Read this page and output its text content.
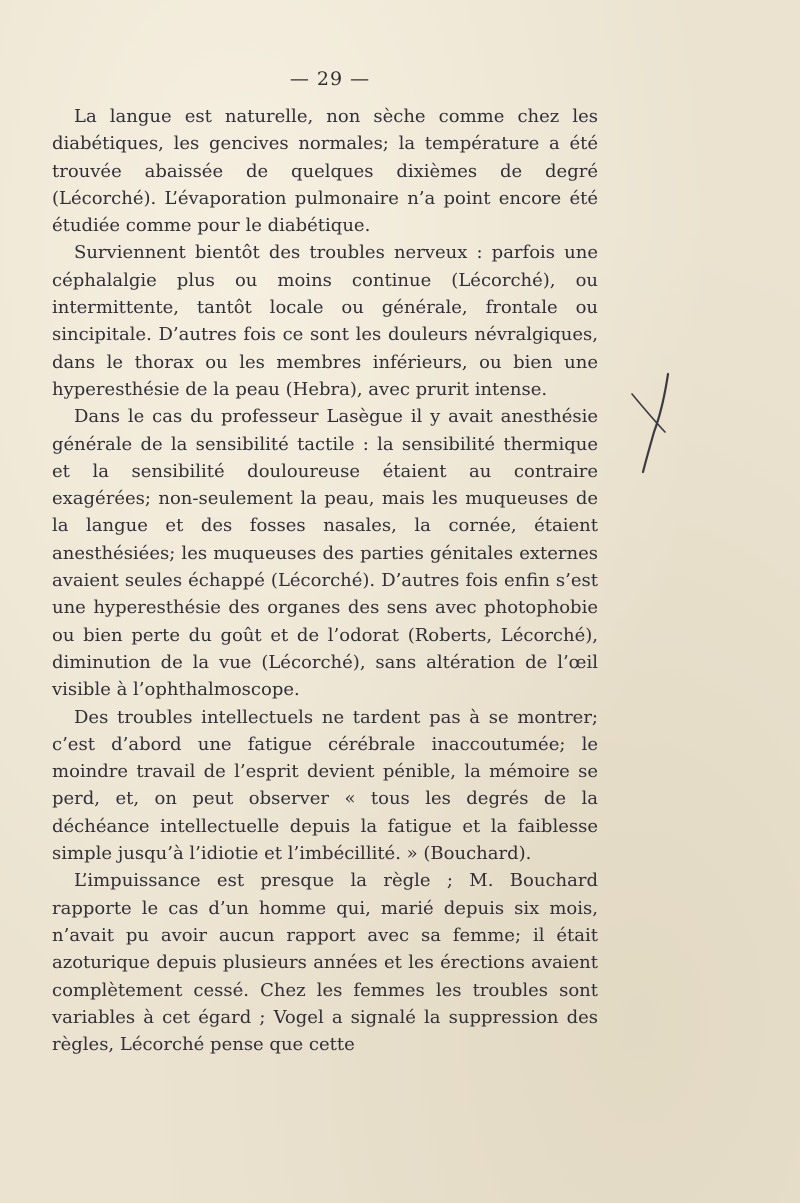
— 29 —

La langue est naturelle, non sèche comme chez les diabétiques, les gencives normales; la température a été trouvée abaissée de quelques dixièmes de degré (Lécorché). L’évaporation pulmonaire n’a point encore été étudiée comme pour le diabétique.

Surviennent bientôt des troubles nerveux : parfois une céphalalgie plus ou moins continue (Lécorché), ou intermittente, tantôt locale ou générale, frontale ou sincipitale. D’autres fois ce sont les douleurs névralgiques, dans le thorax ou les membres inférieurs, ou bien une hyperesthésie de la peau (Hebra), avec prurit intense.

Dans le cas du professeur Lasègue il y avait anesthésie générale de la sensibilité tactile : la sensibilité thermique et la sensibilité douloureuse étaient au contraire exagérées; non-seulement la peau, mais les muqueuses de la langue et des fosses nasales, la cornée, étaient anesthésiées; les muqueuses des parties génitales externes avaient seules échappé (Lécorché). D’autres fois enfin s’est une hyperesthésie des organes des sens avec photophobie ou bien perte du goût et de l’odorat (Roberts, Lécorché), diminution de la vue (Lécorché), sans altération de l’œil visible à l’ophthalmoscope.

Des troubles intellectuels ne tardent pas à se montrer; c’est d’abord une fatigue cérébrale inaccoutumée; le moindre travail de l’esprit devient pénible, la mémoire se perd, et, on peut observer « tous les degrés de la déchéance intellectuelle depuis la fatigue et la faiblesse simple jusqu’à l’idiotie et l’imbécillité. » (Bouchard).

L’impuissance est presque la règle ; M. Bouchard rapporte le cas d’un homme qui, marié depuis six mois, n’avait pu avoir aucun rapport avec sa femme; il était azoturique depuis plusieurs années et les érections avaient complètement cessé. Chez les femmes les troubles sont variables à cet égard ; Vogel a signalé la suppression des règles, Lécorché pense que cette
